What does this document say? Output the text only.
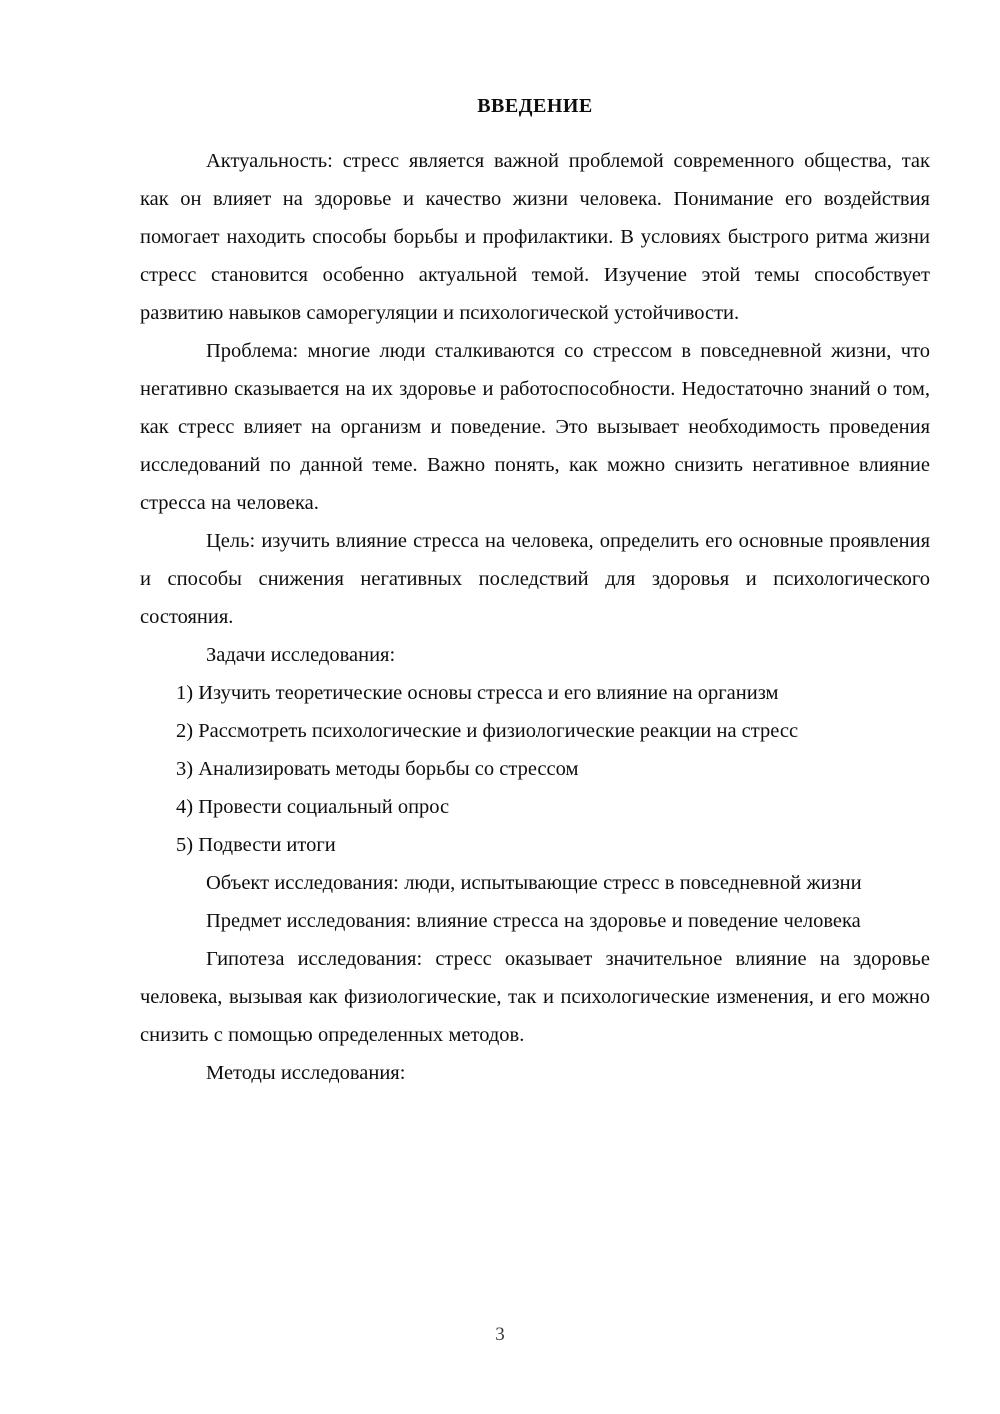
ВВЕДЕНИЕ

Актуальность: стресс является важной проблемой современного общества, так как он влияет на здоровье и качество жизни человека. Понимание его воздействия помогает находить способы борьбы и профилактики. В условиях быстрого ритма жизни стресс становится особенно актуальной темой. Изучение этой темы способствует развитию навыков саморегуляции и психологической устойчивости.

Проблема: многие люди сталкиваются со стрессом в повседневной жизни, что негативно сказывается на их здоровье и работоспособности. Недостаточно знаний о том, как стресс влияет на организм и поведение. Это вызывает необходимость проведения исследований по данной теме. Важно понять, как можно снизить негативное влияние стресса на человека.

Цель: изучить влияние стресса на человека, определить его основные проявления и способы снижения негативных последствий для здоровья и психологического состояния.

Задачи исследования:

1) Изучить теоретические основы стресса и его влияние на организм
2) Рассмотреть психологические и физиологические реакции на стресс
3) Анализировать методы борьбы со стрессом
4) Провести социальный опрос
5) Подвести итоги

Объект исследования: люди, испытывающие стресс в повседневной жизни

Предмет исследования: влияние стресса на здоровье и поведение человека

Гипотеза исследования: стресс оказывает значительное влияние на здоровье человека, вызывая как физиологические, так и психологические изменения, и его можно снизить с помощью определенных методов.

Методы исследования:

3
